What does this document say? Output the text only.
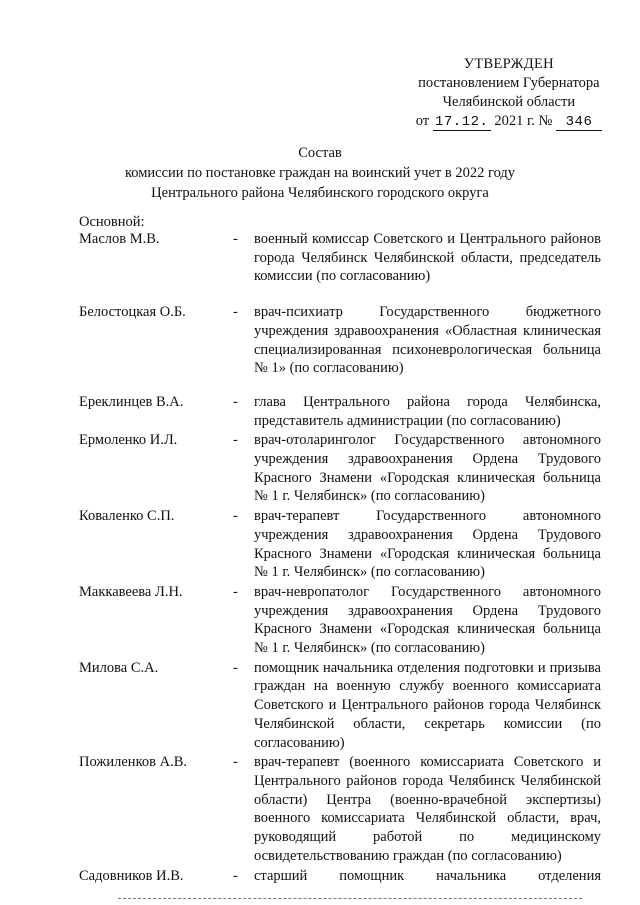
УТВЕРЖДЕН
постановлением Губернатора
Челябинской области
от 17.12. 2021 г. № 346
Состав
комиссии по постановке граждан на воинский учет в 2022 году
Центрального района Челябинского городского округа
Основной:
Маслов М.В.	- военный комиссар Советского и Центрального районов города Челябинск Челябинской области, председатель комиссии (по согласованию)
Белостоцкая О.Б.	- врач-психиатр Государственного бюджетного учреждения здравоохранения «Областная клиническая специализированная психоневрологическая больница № 1» (по согласованию)
Ереклинцев В.А.	- глава Центрального района города Челябинска, представитель администрации (по согласованию)
Ермоленко И.Л.	- врач-отоларинголог Государственного автономного учреждения здравоохранения Ордена Трудового Красного Знамени «Городская клиническая больница № 1 г. Челябинск» (по согласованию)
Коваленко С.П.	- врач-терапевт Государственного автономного учреждения здравоохранения Ордена Трудового Красного Знамени «Городская клиническая больница № 1 г. Челябинск» (по согласованию)
Маккавеева Л.Н.	- врач-невропатолог Государственного автономного учреждения здравоохранения Ордена Трудового Красного Знамени «Городская клиническая больница № 1 г. Челябинск» (по согласованию)
Милова С.А.	- помощник начальника отделения подготовки и призыва граждан на военную службу военного комиссариата Советского и Центрального районов города Челябинск Челябинской области, секретарь комиссии (по согласованию)
Пожиленков А.В.	- врач-терапевт (военного комиссариата Советского и Центрального районов города Челябинск Челябинской области) Центра (военно-врачебной экспертизы) военного комиссариата Челябинской области, врач, руководящий работой по медицинскому освидетельствованию граждан (по согласованию)
Садовников И.В.	- старший помощник начальника отделения
